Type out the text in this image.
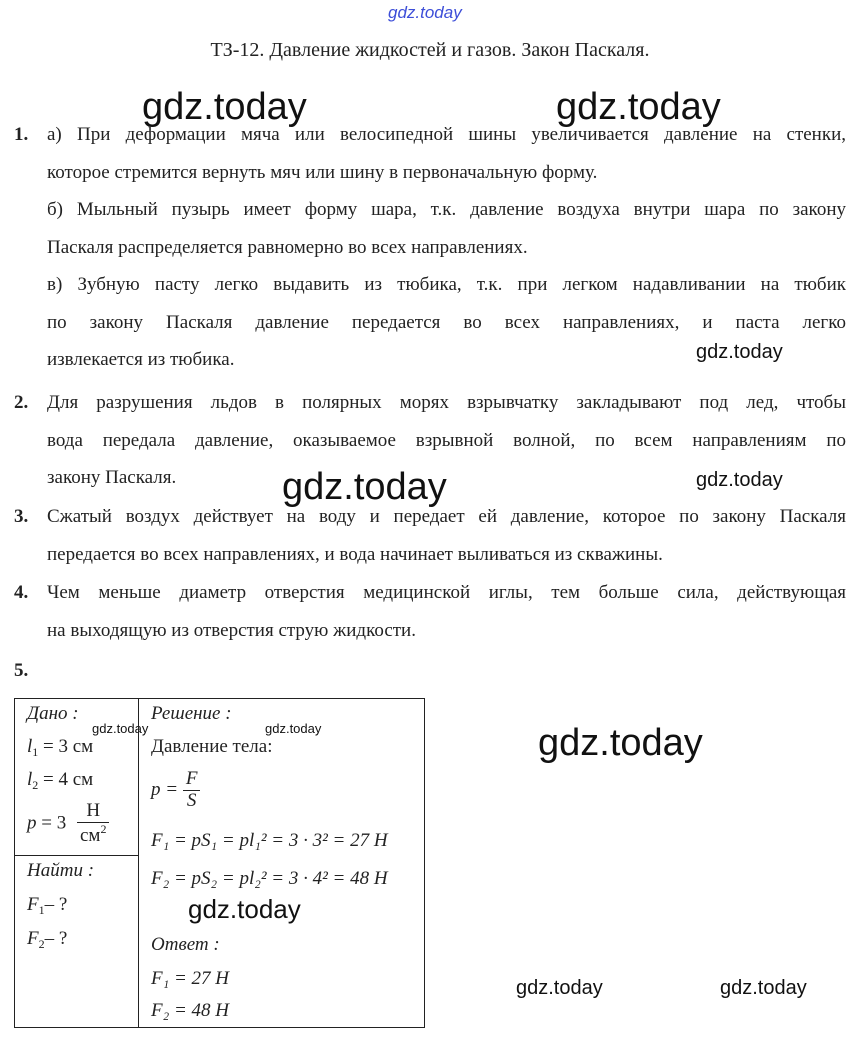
gdz.today
ТЗ-12. Давление жидкостей и газов. Закон Паскаля.
gdz.today	gdz.today
gdz.today
gdz.today	gdz.today
gdz.today
gdz.today	gdz.today
gdz.today
gdz.today	gdz.today
1. а) При деформации мяча или велосипедной шины увеличивается давление на стенки,

которое стремится вернуть мяч или шину в первоначальную форму.

б) Мыльный пузырь имеет форму шара, т.к. давление воздуха внутри шара по закону

Паскаля распределяется равномерно во всех направлениях.

в) Зубную пасту легко выдавить из тюбика, т.к. при легком надавливании на тюбик

по закону Паскаля давление передается во всех направлениях, и паста легко

извлекается из тюбика.

2. Для разрушения льдов в полярных морях взрывчатку закладывают под лед, чтобы

вода передала давление, оказываемое взрывной волной, по всем направлениям по

закону Паскаля.

3. Сжатый воздух действует на воду и передает ей давление, которое по закону Паскаля

передается во всех направлениях, и вода начинает выливаться из скважины.

4. Чем меньше диаметр отверстия медицинской иглы, тем больше сила, действующая

на выходящую из отверстия струю жидкости.

5.
Дано :
$l_1 = 3$ см
$l_2 = 4$ см
$p = 3 \frac{Н}{см^2}$
Найти :
$F_1-$ ?
$F_2-$ ?
Решение :
Давление тела:
$p = \frac{F}{S}$
F₁ = pS₁ = pl₁² = 3 · 3² = 27 Н
F₂ = pS₂ = pl₂² = 3 · 4² = 48 Н
Ответ :
F₁ = 27 Н
F₂ = 48 Н
